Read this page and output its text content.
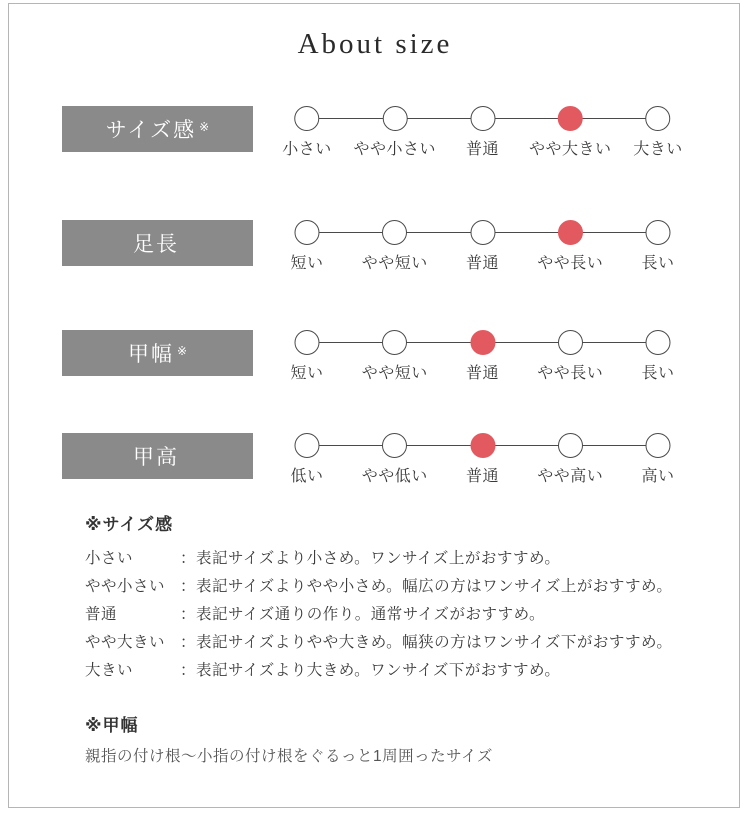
About size
サイズ感 ※
小さい やや小さい 普通 やや大きい 大きい
足長
短い やや短い 普通 やや長い 長い
甲幅 ※
短い やや短い 普通 やや長い 長い
甲高
低い やや低い 普通 やや高い 高い
※サイズ感
小さい	：表記サイズより小さめ。ワンサイズ上がおすすめ。
やや小さい ：表記サイズよりやや小さめ。幅広の方はワンサイズ上がおすすめ。
普通	：表記サイズ通りの作り。通常サイズがおすすめ。
やや大きい ：表記サイズよりやや大きめ。幅狭の方はワンサイズ下がおすすめ。
大きい	：表記サイズより大きめ。ワンサイズ下がおすすめ。
※甲幅

親指の付け根〜小指の付け根をぐるっと1周囲ったサイズ
